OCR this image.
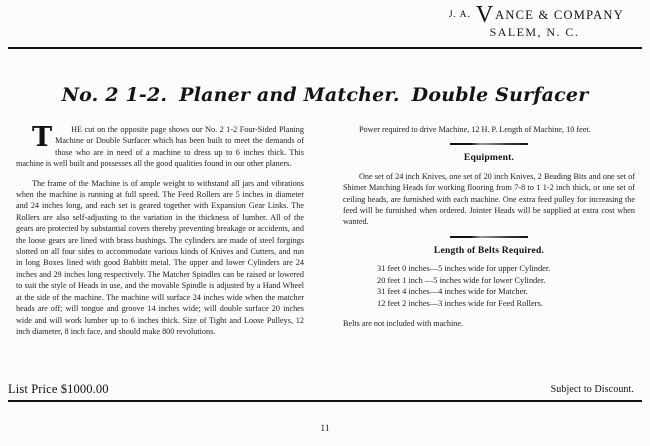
J. A. VANCE & COMPANY
SALEM, N. C.
No. 2 1-2. Planer and Matcher. Double Surfacer

T	HE cut on the opposite page shows our No. 2 1-2 Four-Sided Planing Machine or Double Surfacer which has been built to meet the demands of those who are in need of a machine to dress up to 6 inches thick. This machine is well built and possesses all the good qualities found in our other planers.

The frame of the Machine is of ample weight to withstand all jars and vibrations when the machine is running at full speed. The Feed Rollers are 5 inches in diameter and 24 inches long, and each set is geared together with Expansion Gear Links. The Rollers are also self-adjusting to the variation in the thickness of lumber. All of the gears are protected by substantial covers thereby preventing breakage or accidents, and the loose gears are lined with brass bushings. The cylinders are made of steel forgings slotted on all four sides to accommodate various kinds of Knives and Cutters, and run in long Boxes lined with good Babbitt metal. The upper and lower Cylinders are 24 inches and 29 inches long respectively. The Matcher Spindles can be raised or lowered to suit the style of Heads in use, and the movable Spindle is adjusted by a Hand Wheel at the side of the machine. The machine will surface 24 inches wide when the matcher heads are off; will tongue and groove 14 inches wide; will double surface 20 inches wide and will work lumber up to 6 inches thick. Size of Tight and Loose Pulleys, 12 inch diameter, 8 inch face, and should make 800 revolutions.

Power required to drive Machine, 12 H. P. Length of Machine, 10 feet.

Equipment.

One set of 24 inch Knives, one set of 20 inch Knives, 2 Beading Bits and one set of Shimer Matching Heads for working flooring from 7-8 to 1 1-2 inch thick, or one set of ceiling heads, are furnished with each machine. One extra feed pulley for increasing the feed will be furnished when ordered. Jointer Heads will be supplied at extra cost when wanted.

Length of Belts Required.
31 feet 0 inches—5 inches wide for upper Cylinder.
20 feet 1 inch —5 inches wide for lower Cylinder.
31 feet 4 inches—4 inches wide for Matcher.
12 feet 2 inches—3 inches wide for Feed Rollers.

Belts are not included with machine.

List Price $1000.00	Subject to Discount.
11
